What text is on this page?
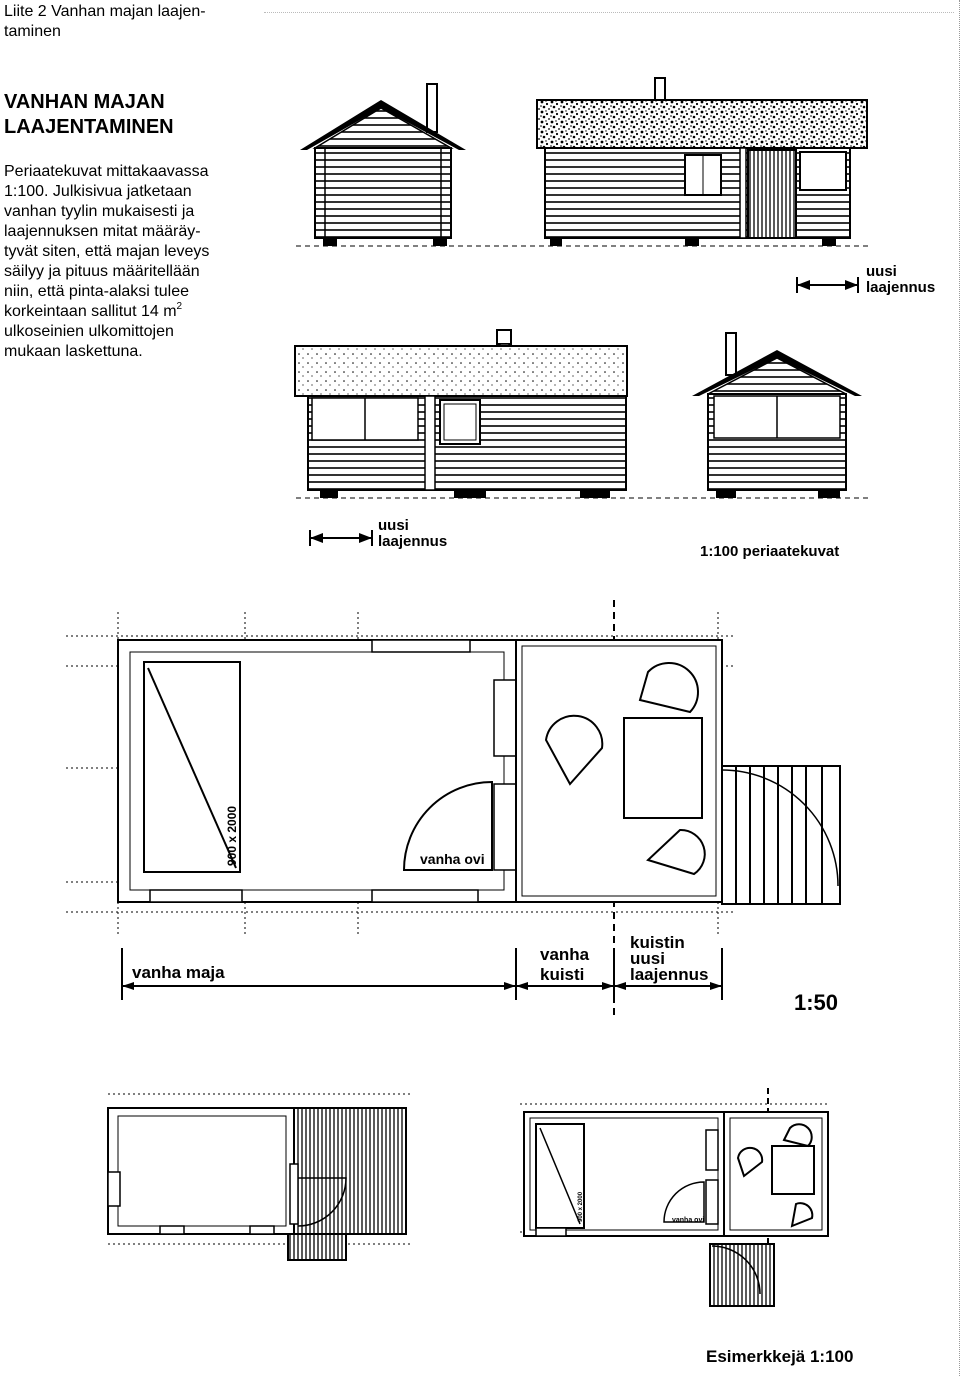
Liite 2 Vanhan majan laajen-
taminen
VANHAN MAJAN
LAAJENTAMINEN
Periaatekuvat mittakaavassa
1:100. Julkisivua jatketaan
vanhan tyylin mukaisesti ja
laajennuksen mitat määräy-
tyvät siten, että majan leveys
säilyy ja pituus määritellään
niin, että pinta-alaksi tulee
korkeintaan sallitut 14 $m^2$
ulkoseinien ulkomittojen
mukaan laskettuna.
uusi
laajennus
uusi
laajennus
1:100 periaatekuvat
900 x 2000	vanha ovi
vanha maja
vanha
kuisti
kuistin
uusi
laajennus
1:50
900 x 2000	vanha ovi
Esimerkkejä 1:100
